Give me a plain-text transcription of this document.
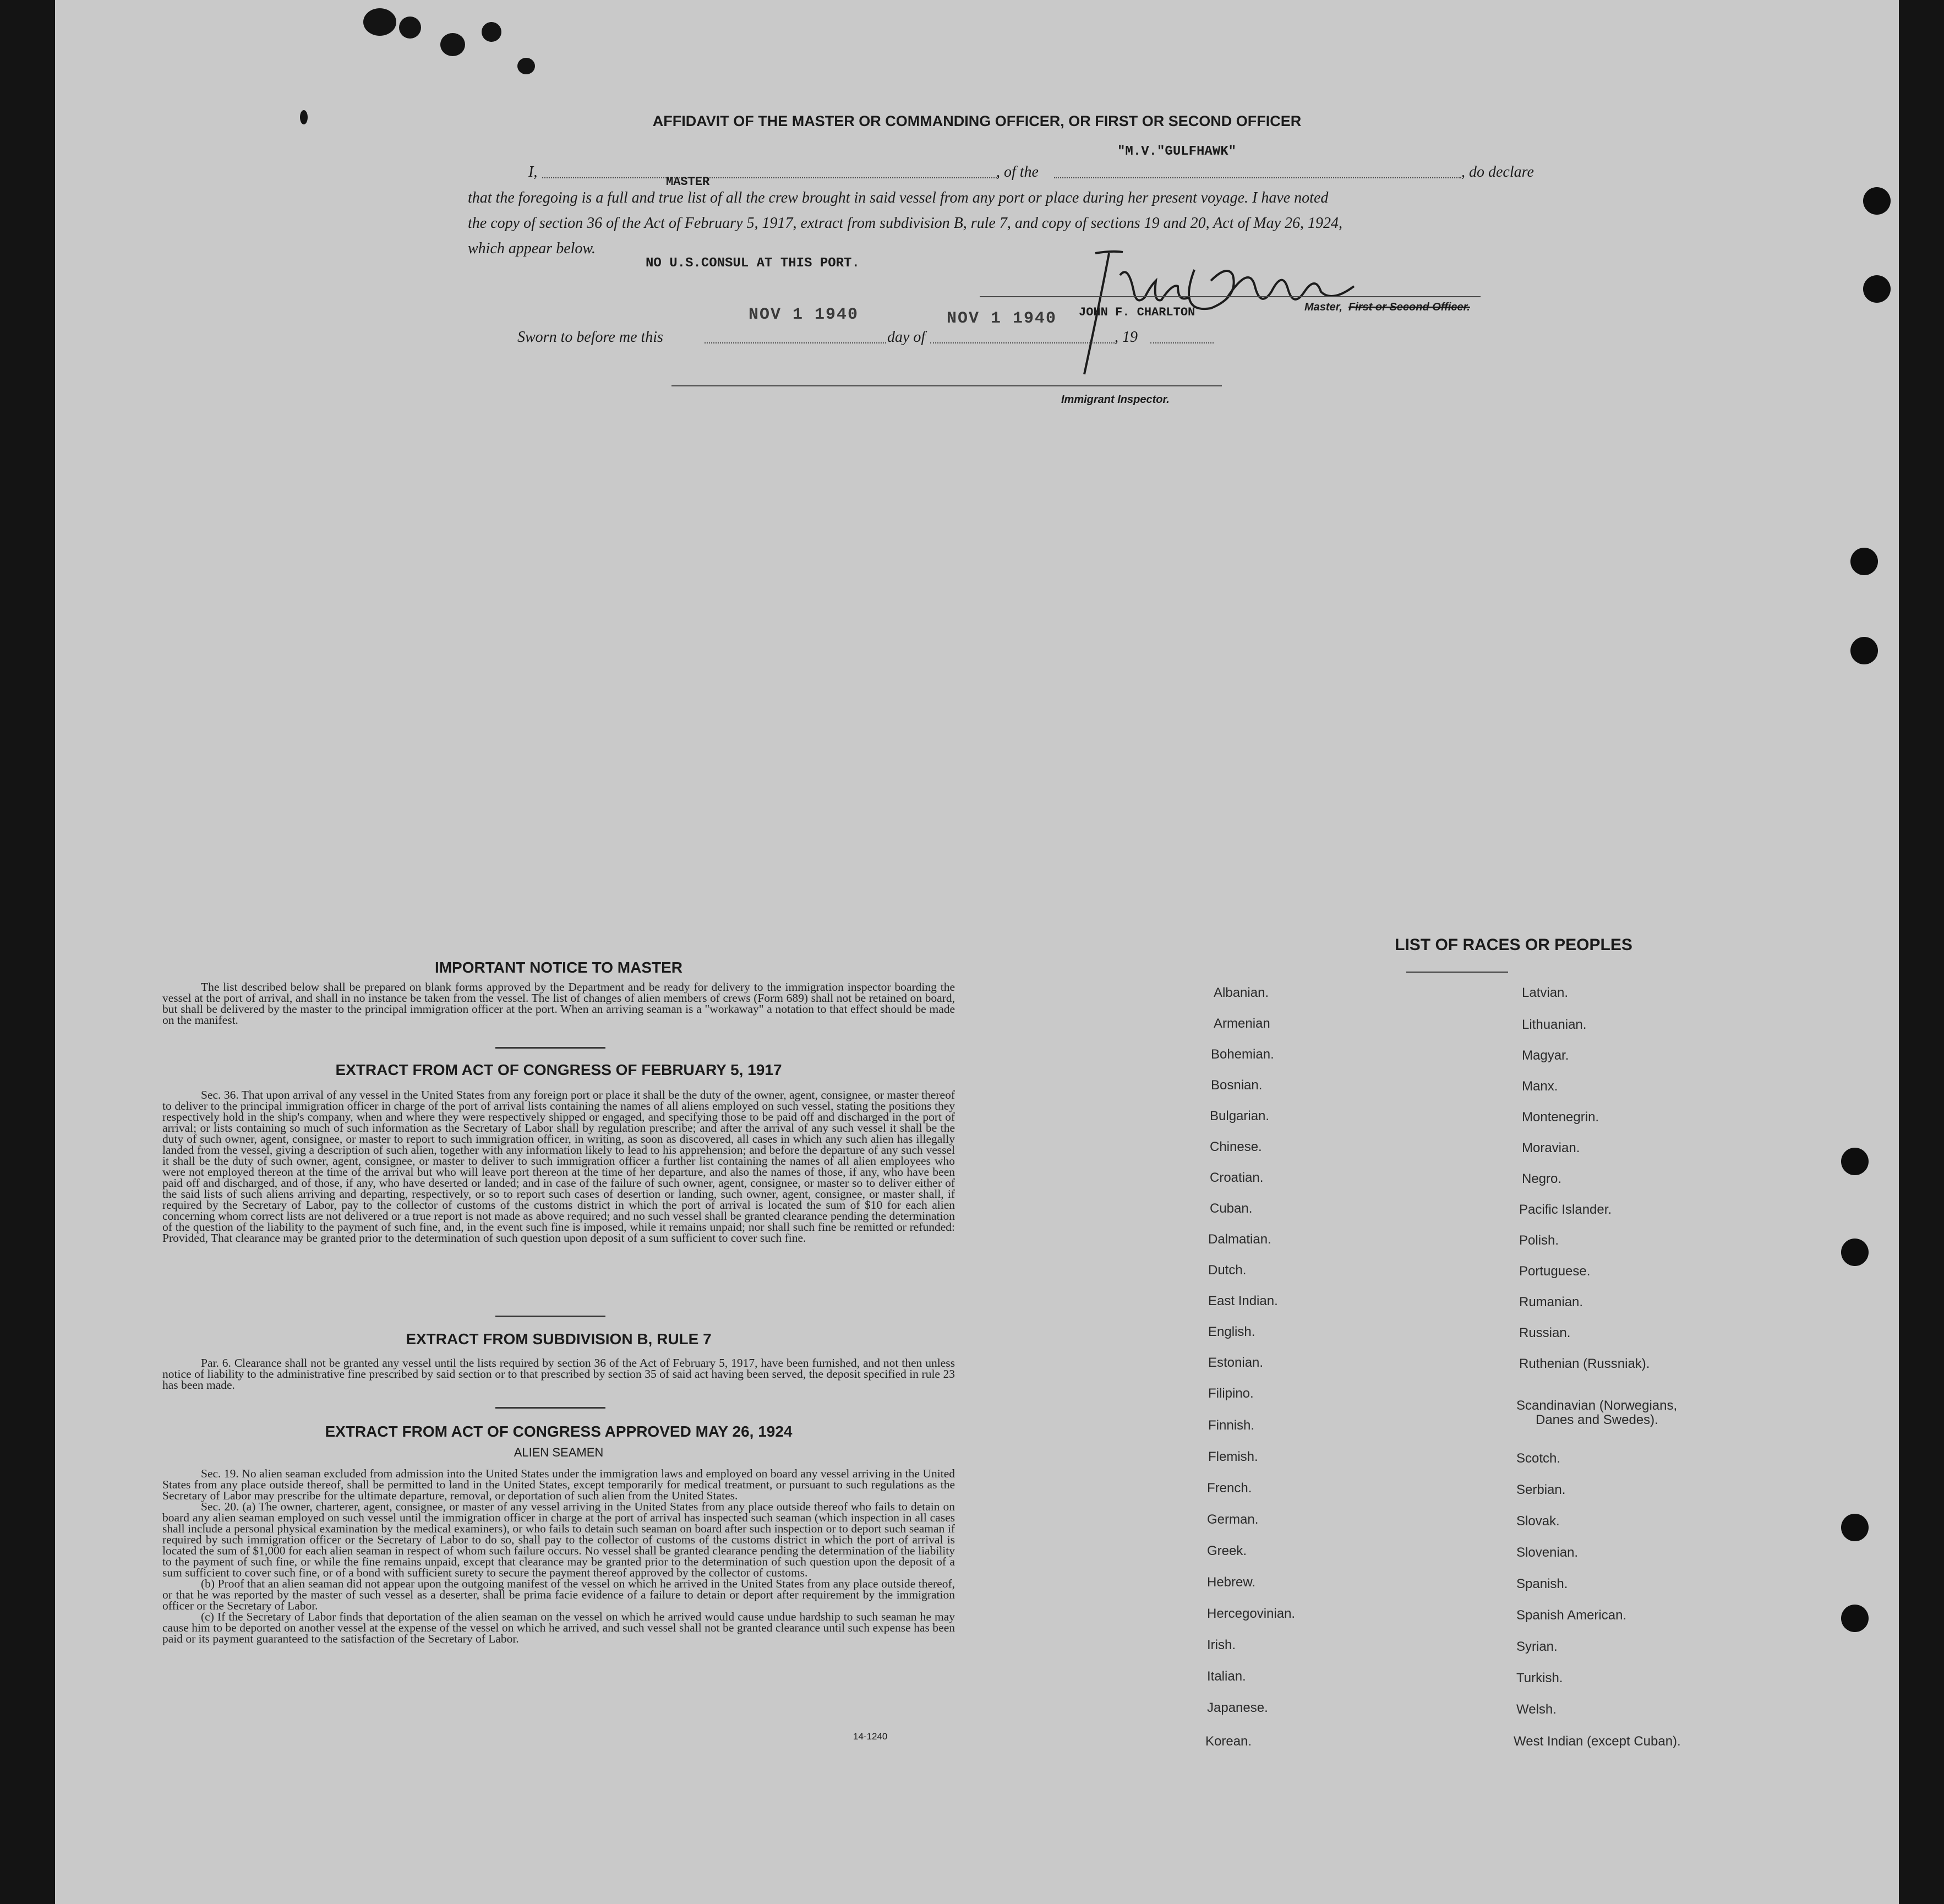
AFFIDAVIT OF THE MASTER OR COMMANDING OFFICER, OR FIRST OR SECOND OFFICER
I,
MASTER
, of the
"M.V."GULFHAWK"
, do declare
that the foregoing is a full and true list of all the crew brought in said vessel from any port or place during her present voyage. I have noted
the copy of section 36 of the Act of February 5, 1917, extract from subdivision B, rule 7, and copy of sections 19 and 20, Act of May 26, 1924,
which appear below.
NO U.S.CONSUL AT THIS PORT.
JOHN F. CHARLTON	Master, First or Second Officer.
Sworn to before me this
NOV 1 1940
day of
NOV 1 1940
, 19
Immigrant Inspector.
IMPORTANT NOTICE TO MASTER

The list described below shall be prepared on blank forms approved by the Department and be ready for delivery to the immigration inspector boarding the vessel at the port of arrival, and shall in no instance be taken from the vessel. The list of changes of alien members of crews (Form 689) shall not be retained on board, but shall be delivered by the master to the principal immigration officer at the port. When an arriving seaman is a "workaway" a notation to that effect should be made on the manifest.

EXTRACT FROM ACT OF CONGRESS OF FEBRUARY 5, 1917

Sec. 36. That upon arrival of any vessel in the United States from any foreign port or place it shall be the duty of the owner, agent, consignee, or master thereof to deliver to the principal immigration officer in charge of the port of arrival lists containing the names of all aliens employed on such vessel, stating the positions they respectively hold in the ship's company, when and where they were respectively shipped or engaged, and specifying those to be paid off and discharged in the port of arrival; or lists containing so much of such information as the Secretary of Labor shall by regulation prescribe; and after the arrival of any such vessel it shall be the duty of such owner, agent, consignee, or master to report to such immigration officer, in writing, as soon as discovered, all cases in which any such alien has illegally landed from the vessel, giving a description of such alien, together with any information likely to lead to his apprehension; and before the departure of any such vessel it shall be the duty of such owner, agent, consignee, or master to deliver to such immigration officer a further list containing the names of all alien employees who were not employed thereon at the time of the arrival but who will leave port thereon at the time of her departure, and also the names of those, if any, who have been paid off and discharged, and of those, if any, who have deserted or landed; and in case of the failure of such owner, agent, consignee, or master so to deliver either of the said lists of such aliens arriving and departing, respectively, or so to report such cases of desertion or landing, such owner, agent, consignee, or master shall, if required by the Secretary of Labor, pay to the collector of customs of the customs district in which the port of arrival is located the sum of $10 for each alien concerning whom correct lists are not delivered or a true report is not made as above required; and no such vessel shall be granted clearance pending the determination of the question of the liability to the payment of such fine, and, in the event such fine is imposed, while it remains unpaid; nor shall such fine be remitted or refunded: Provided, That clearance may be granted prior to the determination of such question upon deposit of a sum sufficient to cover such fine.

EXTRACT FROM SUBDIVISION B, RULE 7

Par. 6. Clearance shall not be granted any vessel until the lists required by section 36 of the Act of February 5, 1917, have been furnished, and not then unless notice of liability to the administrative fine prescribed by said section or to that prescribed by section 35 of said act having been served, the deposit specified in rule 23 has been made.

EXTRACT FROM ACT OF CONGRESS APPROVED MAY 26, 1924
ALIEN SEAMEN

Sec. 19. No alien seaman excluded from admission into the United States under the immigration laws and employed on board any vessel arriving in the United States from any place outside thereof, shall be permitted to land in the United States, except temporarily for medical treatment, or pursuant to such regulations as the Secretary of Labor may prescribe for the ultimate departure, removal, or deportation of such alien from the United States.

Sec. 20. (a) The owner, charterer, agent, consignee, or master of any vessel arriving in the United States from any place outside thereof who fails to detain on board any alien seaman employed on such vessel until the immigration officer in charge at the port of arrival has inspected such seaman (which inspection in all cases shall include a personal physical examination by the medical examiners), or who fails to detain such seaman on board after such inspection or to deport such seaman if required by such immigration officer or the Secretary of Labor to do so, shall pay to the collector of customs of the customs district in which the port of arrival is located the sum of $1,000 for each alien seaman in respect of whom such failure occurs. No vessel shall be granted clearance pending the determination of the liability to the payment of such fine, or while the fine remains unpaid, except that clearance may be granted prior to the determination of such question upon the deposit of a sum sufficient to cover such fine, or of a bond with sufficient surety to secure the payment thereof approved by the collector of customs.

(b) Proof that an alien seaman did not appear upon the outgoing manifest of the vessel on which he arrived in the United States from any place outside thereof, or that he was reported by the master of such vessel as a deserter, shall be prima facie evidence of a failure to detain or deport after requirement by the immigration officer or the Secretary of Labor.

(c) If the Secretary of Labor finds that deportation of the alien seaman on the vessel on which he arrived would cause undue hardship to such seaman he may cause him to be deported on another vessel at the expense of the vessel on which he arrived, and such vessel shall not be granted clearance until such expense has been paid or its payment guaranteed to the satisfaction of the Secretary of Labor.

14-1240
LIST OF RACES OR PEOPLES
Albanian.
Armenian
Bohemian.
Bosnian.
Bulgarian.
Chinese.
Croatian.
Cuban.
Dalmatian.
Dutch.
East Indian.
English.
Estonian.
Filipino.
Finnish.
Flemish.
French.
German.
Greek.
Hebrew.
Hercegovinian.
Irish.
Italian.
Japanese.
Korean.
Latvian.
Lithuanian.
Magyar.
Manx.
Montenegrin.
Moravian.
Negro.
Pacific Islander.
Polish.
Portuguese.
Rumanian.
Russian.
Ruthenian (Russniak).
Scandinavian (Norwegians,
Danes and Swedes).
Scotch.
Serbian.
Slovak.
Slovenian.
Spanish.
Spanish American.
Syrian.
Turkish.
Welsh.
West Indian (except Cuban).
